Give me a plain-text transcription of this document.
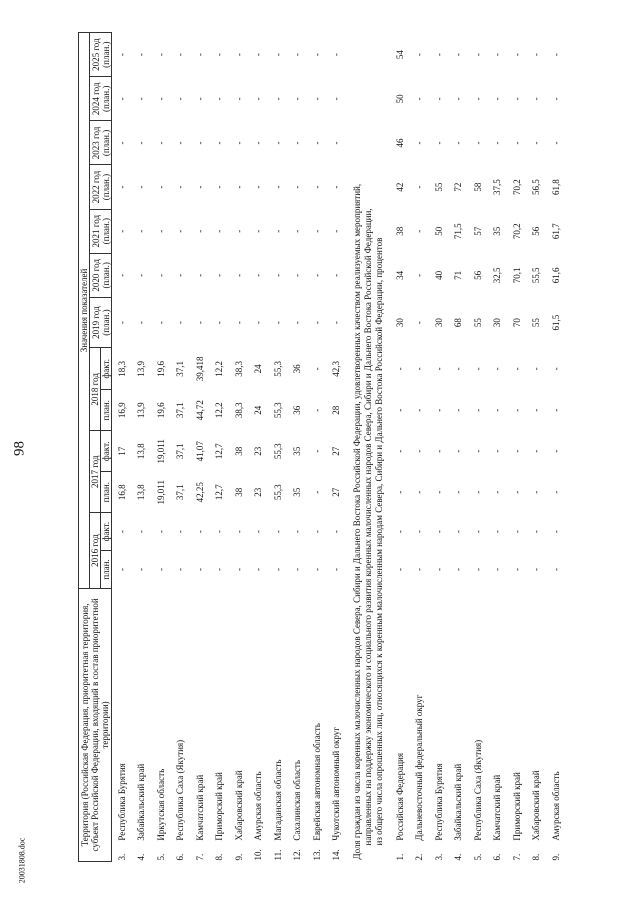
98
20031808.doc
Территория (Российская Федерация, приоритетная территория, субъект Российской Федерации, входящий в состав приоритетной территории)		Значения показателей												
		2016 год		2017 год		2018 год		2019 год (план.)	2020 год (план.)	2021 год (план.)	2022 год (план.)	2023 год (план.)	2024 год (план.)	2025 год (план.)
		план.	факт.	план.	факт.	план.	факт.							
3.	Республика Бурятия	-	-	16,8	17	16,9	18,3	-	-	-	-	-	-	-
4.	Забайкальский край	-	-	13,8	13,8	13,9	13,9	-	-	-	-	-	-	-
5.	Иркутская область	-	-	19,011	19,011	19,6	19,6	-	-	-	-	-	-	-
6.	Республика Саха (Якутия)	-	-	37,1	37,1	37,1	37,1	-	-	-	-	-	-	-
7.	Камчатский край	-	-	42,25	41,07	44,72	39,418	-	-	-	-	-	-	-
8.	Приморский край	-	-	12,7	12,7	12,2	12,2	-	-	-	-	-	-	-
9.	Хабаровский край	-	-	38	38	38,3	38,3	-	-	-	-	-	-	-
10.	Амурская область	-	-	23	23	24	24	-	-	-	-	-	-	-
11.	Магаданская область	-	-	55,3	55,3	55,3	55,3	-	-	-	-	-	-	-
12.	Сахалинская область	-	-	35	35	36	36	-	-	-	-	-	-	-
13.	Еврейская автономная область	-	-	-	-	-	-	-	-	-	-	-	-	-
14.	Чукотский автономный округ	-	-	27	27	28	42,3	-	-	-	-	-	-	-

Доля граждан из числа коренных малочисленных народов Севера, Сибири и Дальнего Востока Российской Федерации, удовлетворенных качеством реализуемых мероприятий, направленных на поддержку экономического и социального развития коренных малочисленных народов Севера, Сибири и Дальнего Востока Российской Федерации, из общего числа опрошенных лиц, относящихся к коренным малочисленным народам Севера, Сибири и Дальнего Востока Российской Федерации, процентов														

1.	Российская Федерация	-	-	-	-	-	-	30	34	38	42	46	50	54
2.	Дальневосточный федеральный округ	-	-	-	-	-	-	-	-	-	-	-	-	-
3.	Республика Бурятия	-	-	-	-	-	-	30	40	50	55	-	-	-
4.	Забайкальский край	-	-	-	-	-	-	68	71	71,5	72	-	-	-
5.	Республика Саха (Якутия)	-	-	-	-	-	-	55	56	57	58	-	-	-
6.	Камчатский край	-	-	-	-	-	-	30	32,5	35	37,5	-	-	-
7.	Приморский край	-	-	-	-	-	-	70	70,1	70,2	70,2	-	-	-
8.	Хабаровский край	-	-	-	-	-	-	55	55,5	56	56,5	-	-	-
9.	Амурская область	-	-	-	-	-	-	61,5	61,6	61,7	61,8	-	-	-
